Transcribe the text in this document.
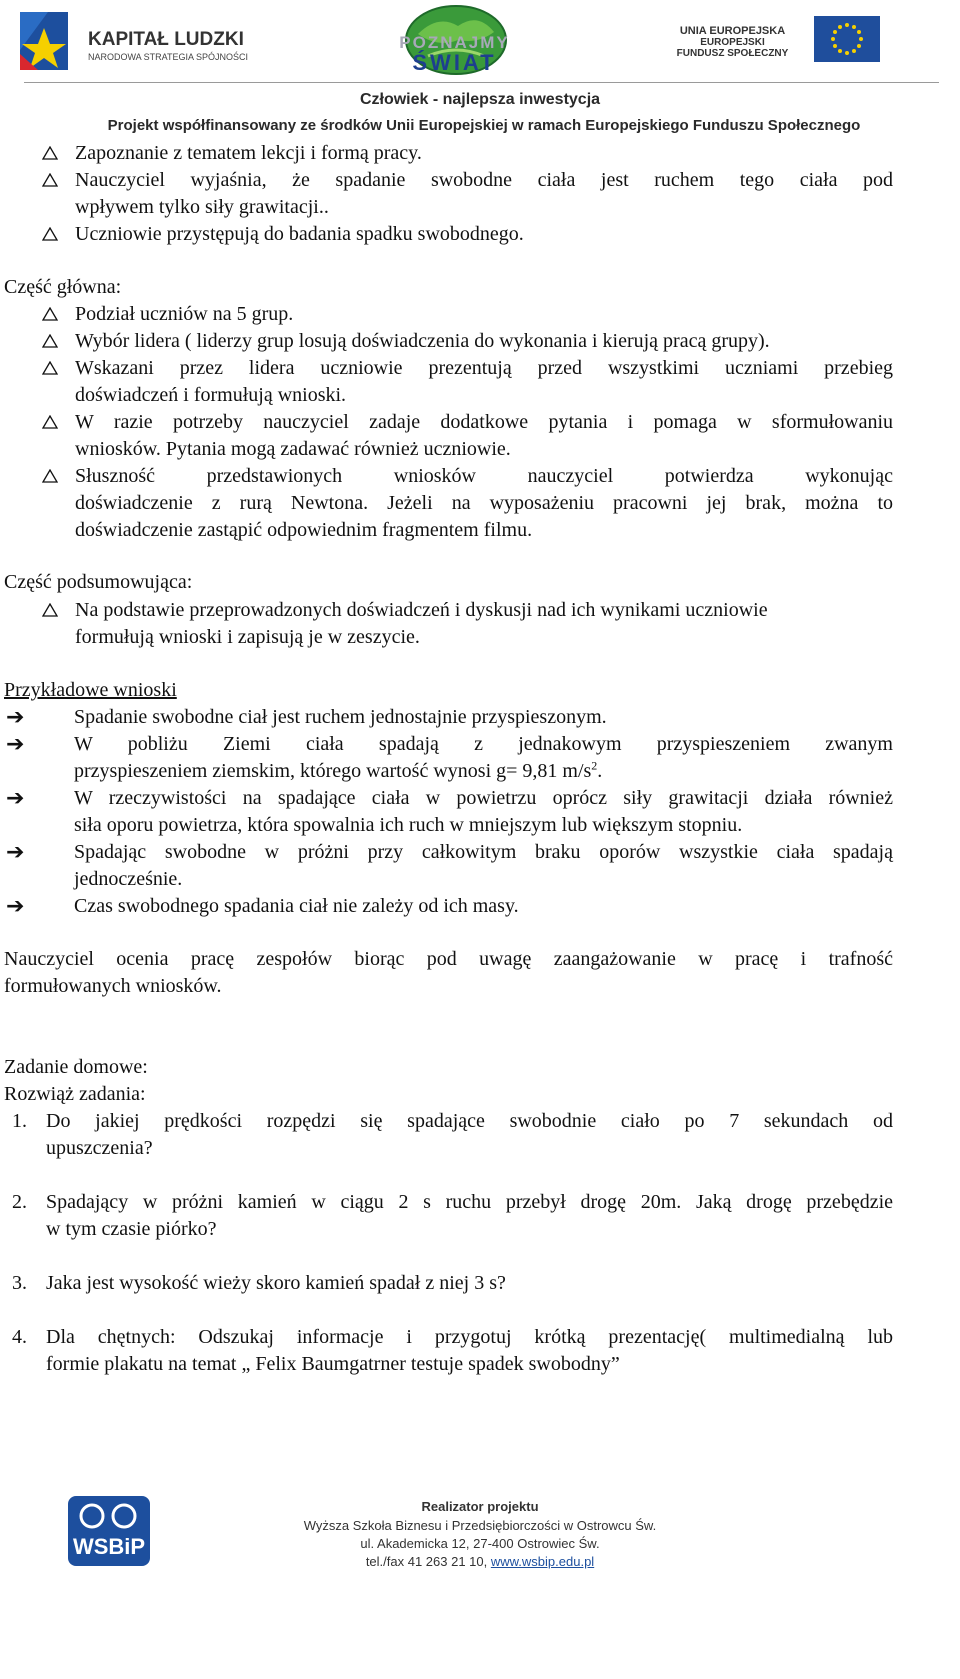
KAPITAŁ LUDZKI
NARODOWA STRATEGIA SPÓJNOŚCI
POZNAJMY
ŚWIAT
UNIA EUROPEJSKA
EUROPEJSKI
FUNDUSZ SPOŁECZNY
Człowiek - najlepsza inwestycja
Projekt współfinansowany ze środków Unii Europejskiej w ramach Europejskiego Funduszu Społecznego
Zapoznanie z tematem lekcji i formą pracy.
Nauczyciel wyjaśnia, że spadanie swobodne ciała jest ruchem tego ciała pod
wpływem tylko siły grawitacji..
Uczniowie przystępują do badania spadku swobodnego.
Część główna:
Podział uczniów na 5 grup.
Wybór lidera ( liderzy grup losują doświadczenia do wykonania i kierują pracą grupy).
Wskazani przez lidera uczniowie prezentują przed wszystkimi uczniami przebieg
doświadczeń i formułują wnioski.
W razie potrzeby nauczyciel zadaje dodatkowe pytania i pomaga w sformułowaniu
wniosków. Pytania mogą zadawać również uczniowie.
Słuszność przedstawionych wniosków nauczyciel potwierdza wykonując
doświadczenie z rurą Newtona. Jeżeli na wyposażeniu pracowni jej brak, można to
doświadczenie zastąpić odpowiednim fragmentem filmu.
Część podsumowująca:
Na podstawie przeprowadzonych doświadczeń i dyskusji nad ich wynikami uczniowie
formułują wnioski i zapisują je w zeszycie.
Przykładowe wnioski
➔ Spadanie swobodne ciał jest ruchem jednostajnie przyspieszonym.
➔ W pobliżu Ziemi ciała spadają z jednakowym przyspieszeniem zwanym
przyspieszeniem ziemskim, którego wartość wynosi g= 9,81 $m/s^2$.
➔ W rzeczywistości na spadające ciała w powietrzu oprócz siły grawitacji działa również
siła oporu powietrza, która spowalnia ich ruch w mniejszym lub większym stopniu.
➔ Spadając swobodne w próżni przy całkowitym braku oporów wszystkie ciała spadają
jednocześnie.
➔ Czas swobodnego spadania ciał nie zależy od ich masy.
Nauczyciel ocenia pracę zespołów biorąc pod uwagę zaangażowanie w pracę i trafność
formułowanych wniosków.
Zadanie domowe:
Rozwiąż zadania:
1. Do jakiej prędkości rozpędzi się spadające swobodnie ciało po 7 sekundach od
upuszczenia?
2. Spadający w próżni kamień w ciągu 2 s ruchu przebył drogę 20m. Jaką drogę przebędzie
w tym czasie piórko?
3. Jaka jest wysokość wieży skoro kamień spadał z niej 3 s?
4. Dla chętnych: Odszukaj informacje i przygotuj krótką prezentację( multimedialną lub
formie plakatu na temat „ Felix Baumgatrner testuje spadek swobodny”
WSBiP
Realizator projektu
Wyższa Szkoła Biznesu i Przedsiębiorczości w Ostrowcu Św.
ul. Akademicka 12, 27-400 Ostrowiec Św.
tel./fax 41 263 21 10, www.wsbip.edu.pl
